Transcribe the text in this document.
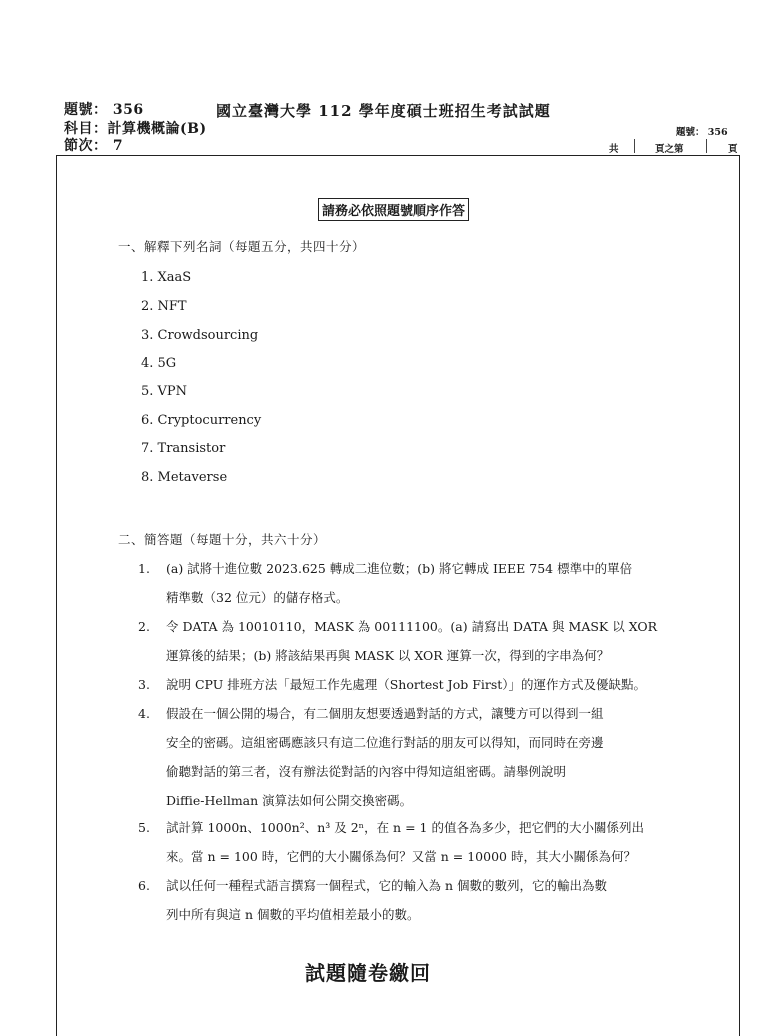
題號： 356
科目：計算機概論(B)
節次： 7
國立臺灣大學 112 學年度碩士班招生考試試題
題號： 356
共	頁之第	頁
請務必依照題號順序作答
一、解釋下列名詞（每題五分，共四十分）
1. XaaS
2. NFT
3. Crowdsourcing
4. 5G
5. VPN
6. Cryptocurrency
7. Transistor
8. Metaverse
二、簡答題（每題十分，共六十分）
1. (a) 試將十進位數 2023.625 轉成二進位數；(b) 將它轉成 IEEE 754 標準中的單倍
精準數（32 位元）的儲存格式。
2. 令 DATA 為 10010110，MASK 為 00111100。(a) 請寫出 DATA 與 MASK 以 XOR
運算後的結果；(b) 將該結果再與 MASK 以 XOR 運算一次，得到的字串為何？
3. 說明 CPU 排班方法「最短工作先處理（Shortest Job First）」的運作方式及優缺點。
4. 假設在一個公開的場合，有二個朋友想要透過對話的方式，讓雙方可以得到一組
安全的密碼。這組密碼應該只有這二位進行對話的朋友可以得知，而同時在旁邊
偷聽對話的第三者，沒有辦法從對話的內容中得知這組密碼。請舉例說明
Diffie-Hellman 演算法如何公開交換密碼。
5. 試計算 1000n、1000n²、n³ 及 2ⁿ，在 n = 1 的值各為多少，把它們的大小關係列出
來。當 n = 100 時，它們的大小關係為何？又當 n = 10000 時，其大小關係為何？
6. 試以任何一種程式語言撰寫一個程式，它的輸入為 n 個數的數列，它的輸出為數
列中所有與這 n 個數的平均值相差最小的數。
試題隨卷繳回
